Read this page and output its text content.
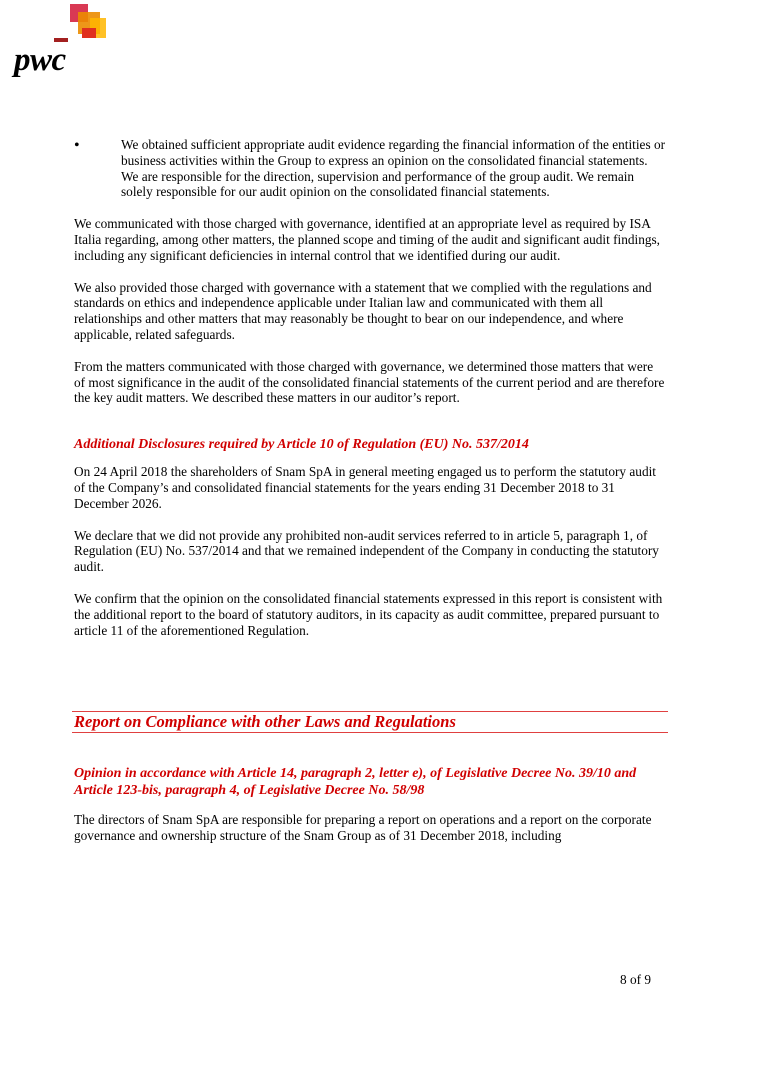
pwc
•	We obtained sufficient appropriate audit evidence regarding the financial information of the entities or business activities within the Group to express an opinion on the consolidated financial statements. We are responsible for the direction, supervision and performance of the group audit. We remain solely responsible for our audit opinion on the consolidated financial statements.

We communicated with those charged with governance, identified at an appropriate level as required by ISA Italia regarding, among other matters, the planned scope and timing of the audit and significant audit findings, including any significant deficiencies in internal control that we identified during our audit.

We also provided those charged with governance with a statement that we complied with the regulations and standards on ethics and independence applicable under Italian law and communicated with them all relationships and other matters that may reasonably be thought to bear on our independence, and where applicable, related safeguards.

From the matters communicated with those charged with governance, we determined those matters that were of most significance in the audit of the consolidated financial statements of the current period and are therefore the key audit matters. We described these matters in our auditor’s report.

Additional Disclosures required by Article 10 of Regulation (EU) No. 537/2014

On 24 April 2018 the shareholders of Snam SpA in general meeting engaged us to perform the statutory audit of the Company’s and consolidated financial statements for the years ending 31 December 2018 to 31 December 2026.

We declare that we did not provide any prohibited non-audit services referred to in article 5, paragraph 1, of Regulation (EU) No. 537/2014 and that we remained independent of the Company in conducting the statutory audit.

We confirm that the opinion on the consolidated financial statements expressed in this report is consistent with the additional report to the board of statutory auditors, in its capacity as audit committee, prepared pursuant to article 11 of the aforementioned Regulation.

Report on Compliance with other Laws and Regulations
Opinion in accordance with Article 14, paragraph 2, letter e), of Legislative Decree No. 39/10 and Article 123-bis, paragraph 4, of Legislative Decree No. 58/98

The directors of Snam SpA are responsible for preparing a report on operations and a report on the corporate governance and ownership structure of the Snam Group as of 31 December 2018, including

8 of 9
